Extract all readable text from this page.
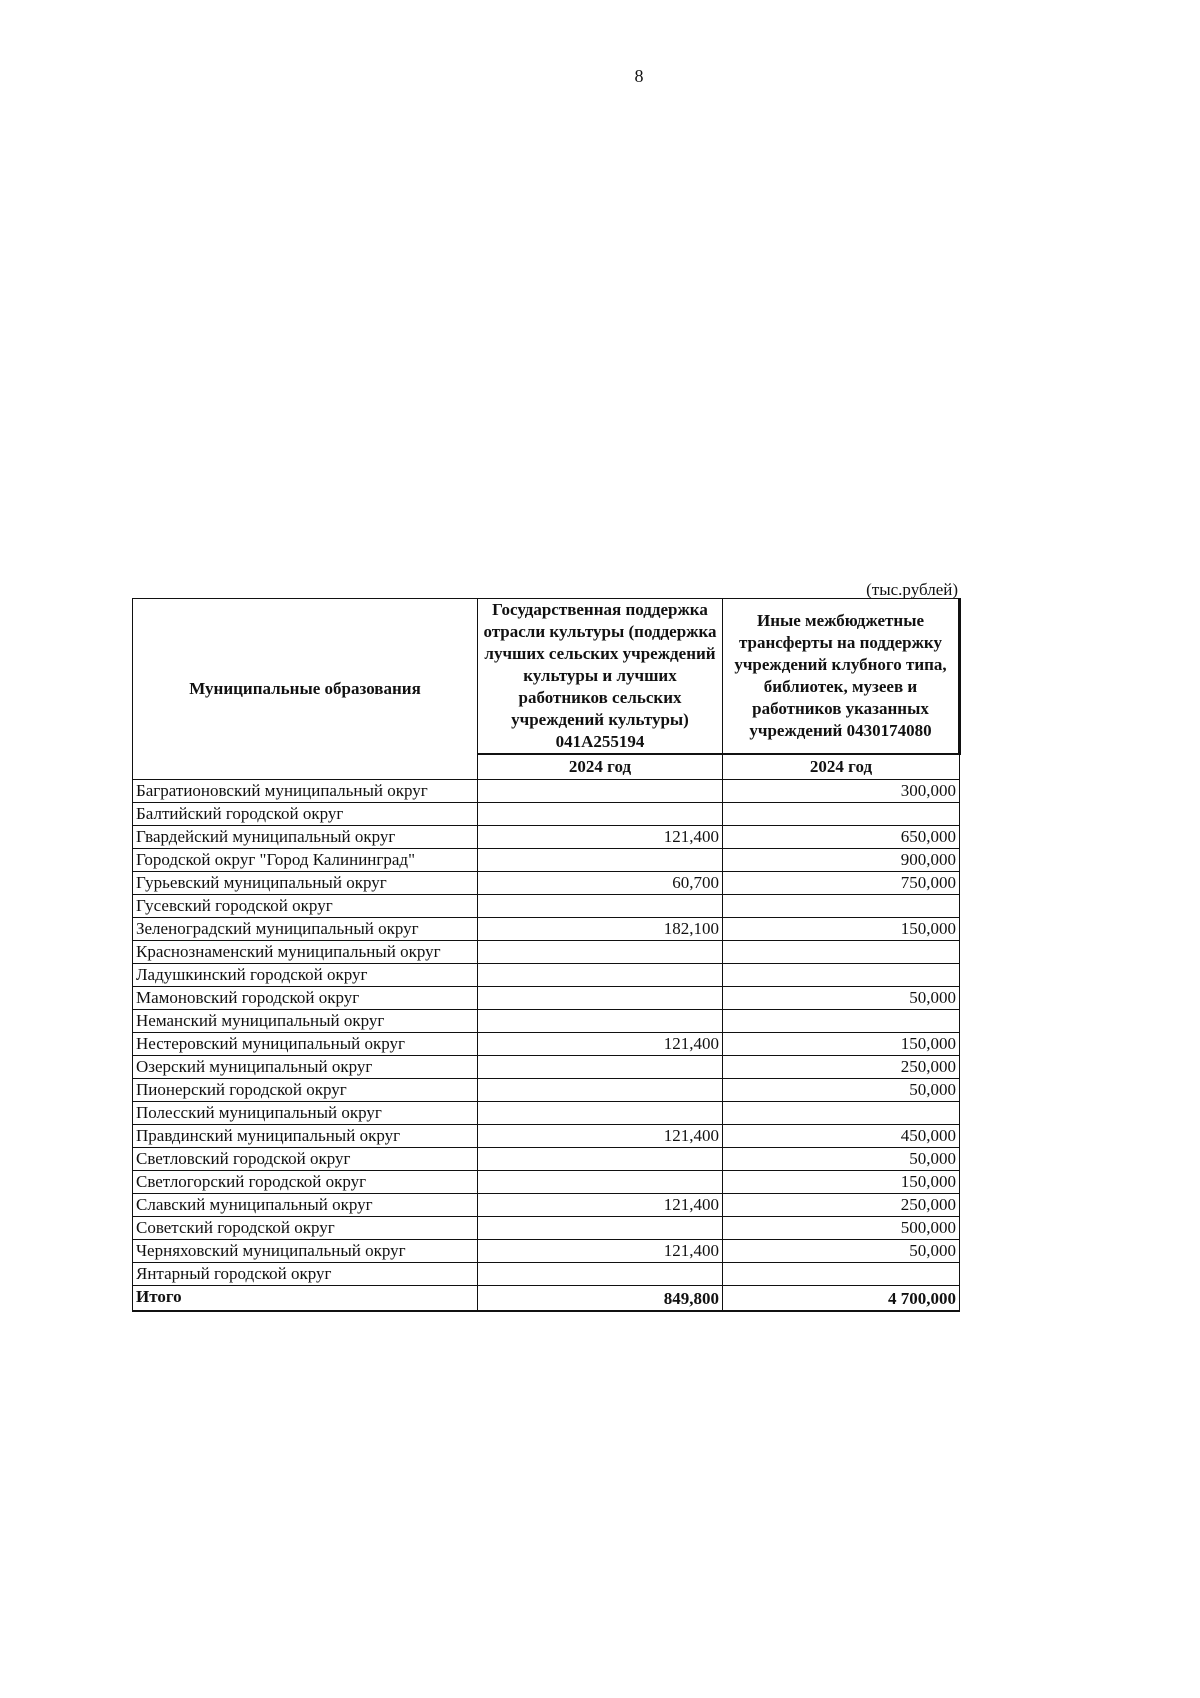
8
(тыс.рублей)
Муниципальные образования	Государственная поддержка отрасли культуры (поддержка лучших сельских учреждений культуры и лучших работников сельских учреждений культуры) 041А255194	Иные межбюджетные трансферты на поддержку учреждений клубного типа, библиотек, музеев и работников указанных учреждений 0430174080
	2024 год	2024 год
Багратионовский муниципальный округ		300,000
Балтийский городской округ		
Гвардейский муниципальный округ	121,400	650,000
Городской округ "Город Калининград"		900,000
Гурьевский муниципальный округ	60,700	750,000
Гусевский городской округ		
Зеленоградский муниципальный округ	182,100	150,000
Краснознаменский муниципальный округ		
Ладушкинский городской округ		
Мамоновский городской округ		50,000
Неманский муниципальный округ		
Нестеровский муниципальный округ	121,400	150,000
Озерский муниципальный округ		250,000
Пионерский городской округ		50,000
Полесский муниципальный округ		
Правдинский муниципальный округ	121,400	450,000
Светловский городской округ		50,000
Светлогорский городской округ		150,000
Славский муниципальный округ	121,400	250,000
Советский городской округ		500,000
Черняховский муниципальный округ	121,400	50,000
Янтарный городской округ		
Итого	849,800	4 700,000
